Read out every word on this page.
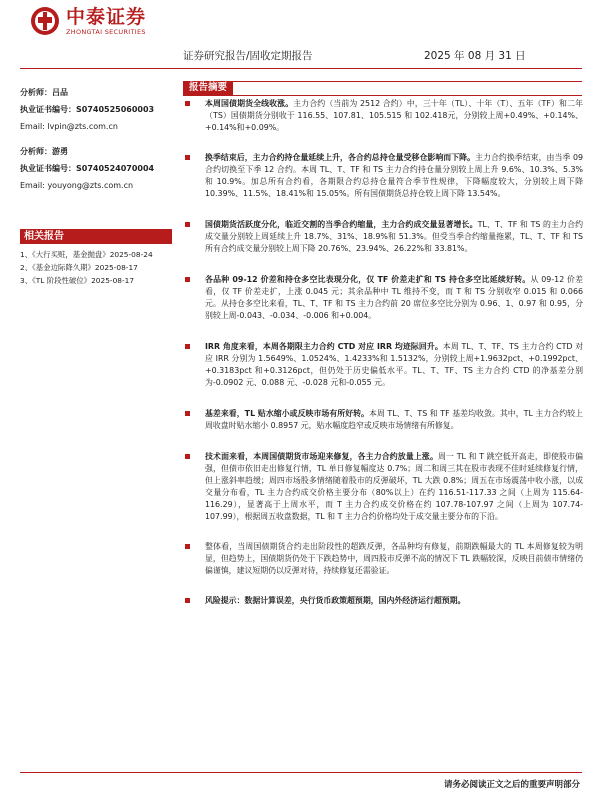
中泰证券
ZHONGTAI SECURITIES
证券研究报告/固收定期报告	2025 年 08 月 31 日
分析师：吕品
执业证书编号：S0740525060003
Email: lvpin@zts.com.cn
分析师：游勇
执业证书编号：S0740524070004
Email: youyong@zts.com.cn
相关报告
1、《大行买赃，基金抛盘》2025-08-24
2、《基金边际降久期》2025-08-17
3、《TL 阶段性破位》2025-08-17
报告摘要
本周国债期货全线收涨。主力合约（当前为 2512 合约）中，三十年（TL）、十年（T）、五年（TF）和二年（TS）国债期货分别收于 116.55、107.81、105.515 和 102.418元，分别较上周+0.49%、+0.14%、+0.14%和+0.09%。
换季结束后，主力合约持仓量延续上升，各合约总持仓量受移仓影响而下降。主力合约换季结束，由当季 09 合约切换至下季 12 合约。本周 TL、T、TF 和 TS 主力合约持仓量分别较上周上升 9.6%、10.3%、5.3%和 10.9%。加总所有合约看，各期限合约总持仓量符合季节性规律，下降幅度较大，分别较上周下降 10.39%、11.5%、18.41%和 15.05%。所有国债期货总持仓较上周下降 13.54%。
国债期货活跃度分化，临近交割的当季合约缩量，主力合约成交量显著增长。TL、T、TF 和 TS 的主力合约成交量分别较上周延续上升 18.7%、31%、18.9%和 51.3%。但受当季合约缩量拖累，TL、T、TF 和 TS 所有合约成交量分别较上周下降 20.76%、23.94%、26.22%和 33.81%。
各品种 09-12 价差和持仓多空比表现分化，仅 TF 价差走扩和 TS 持仓多空比延续好转。从 09-12 价差看，仅 TF 价差走扩，上涨 0.045 元；其余品种中 TL 维持不变，而 T 和 TS 分别收窄 0.015 和 0.066 元。从持仓多空比来看，TL、T、TF 和 TS 主力合约前 20 席位多空比分别为 0.96、1、0.97 和 0.95，分别较上周-0.043、-0.034、-0.006 和+0.004。
IRR 角度来看，本周各期限主力合约 CTD 对应 IRR 均迹际回升。本周 TL、T、TF、TS 主力合约 CTD 对应 IRR 分别为 1.5649%、1.0524%、1.4233%和 1.5132%，分别较上周+1.9632pct、+0.1992pct、+0.3183pct 和+0.3126pct，但仍处于历史偏低水平。TL、T、TF、TS 主力合约 CTD 的净基差分别为-0.0902 元、0.088 元、-0.028 元和-0.055 元。
基差来看，TL 贴水缩小或反映市场有所好转。本周 TL、T、TS 和 TF 基差均收敛。其中，TL 主力合约较上周收盘时贴水缩小 0.8957 元，贴水幅度趋窄或反映市场情绪有所修复。
技术面来看，本周国债期货市场迎来修复，各主力合约放量上涨。周一 TL 和 T 跳空低开高走，即使股市偏强，但债市依旧走出修复行情，TL 单日修复幅度达 0.7%；周二和周三其在股市表现不佳时延续修复行情，但上涨斜率趋缓；周四市场股多情绪随着股市的反弹破坏，TL 大跌 0.8%；周五在市场震荡中收小涨，以成交量分布看，TL 主力合约成交价格主要分布（80%以上）在约 116.51-117.33 之间（上周为 115.64-116.29），显著高于上周水平，而 T 主力合约成交价格在约 107.78-107.97 之间（上周为 107.74-107.99），根据周五收盘数据，TL 和 T 主力合约价格均处于成交量主要分布的下沿。
整体看，当周国债期货合约走出阶段性的超跌反弹，各品种均有修复，前期跌幅最大的 TL 本周修复较为明显，但趋势上，国债期货仍处于下跌趋势中，周四股市反弹不高的情况下 TL 跌幅较深，反映目前债市情绪仍偏谨慎，建议短期仍以反弹对待，持续修复还需验证。
风险提示：数据计算误差，央行货币政策超预期，国内外经济运行超预期。
请务必阅读正文之后的重要声明部分
